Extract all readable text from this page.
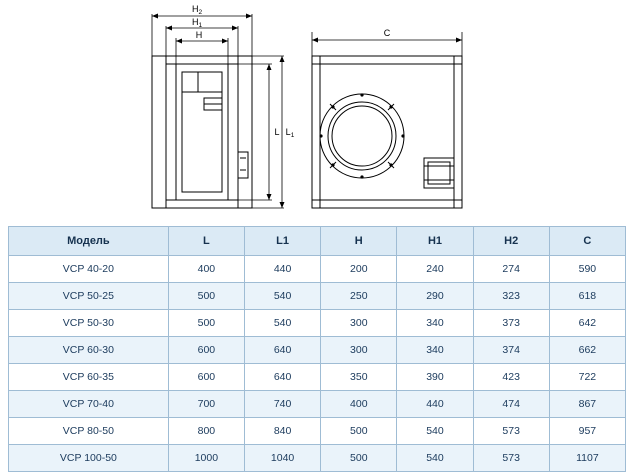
$H_2$
$H_1$
H
$L_1$
L
C
Модель	L	L1	H	H1	H2	C
VCP 40-20	400	440	200	240	274	590
VCP 50-25	500	540	250	290	323	618
VCP 50-30	500	540	300	340	373	642
VCP 60-30	600	640	300	340	374	662
VCP 60-35	600	640	350	390	423	722
VCP 70-40	700	740	400	440	474	867
VCP 80-50	800	840	500	540	573	957
VCP 100-50	1000	1040	500	540	573	1107
